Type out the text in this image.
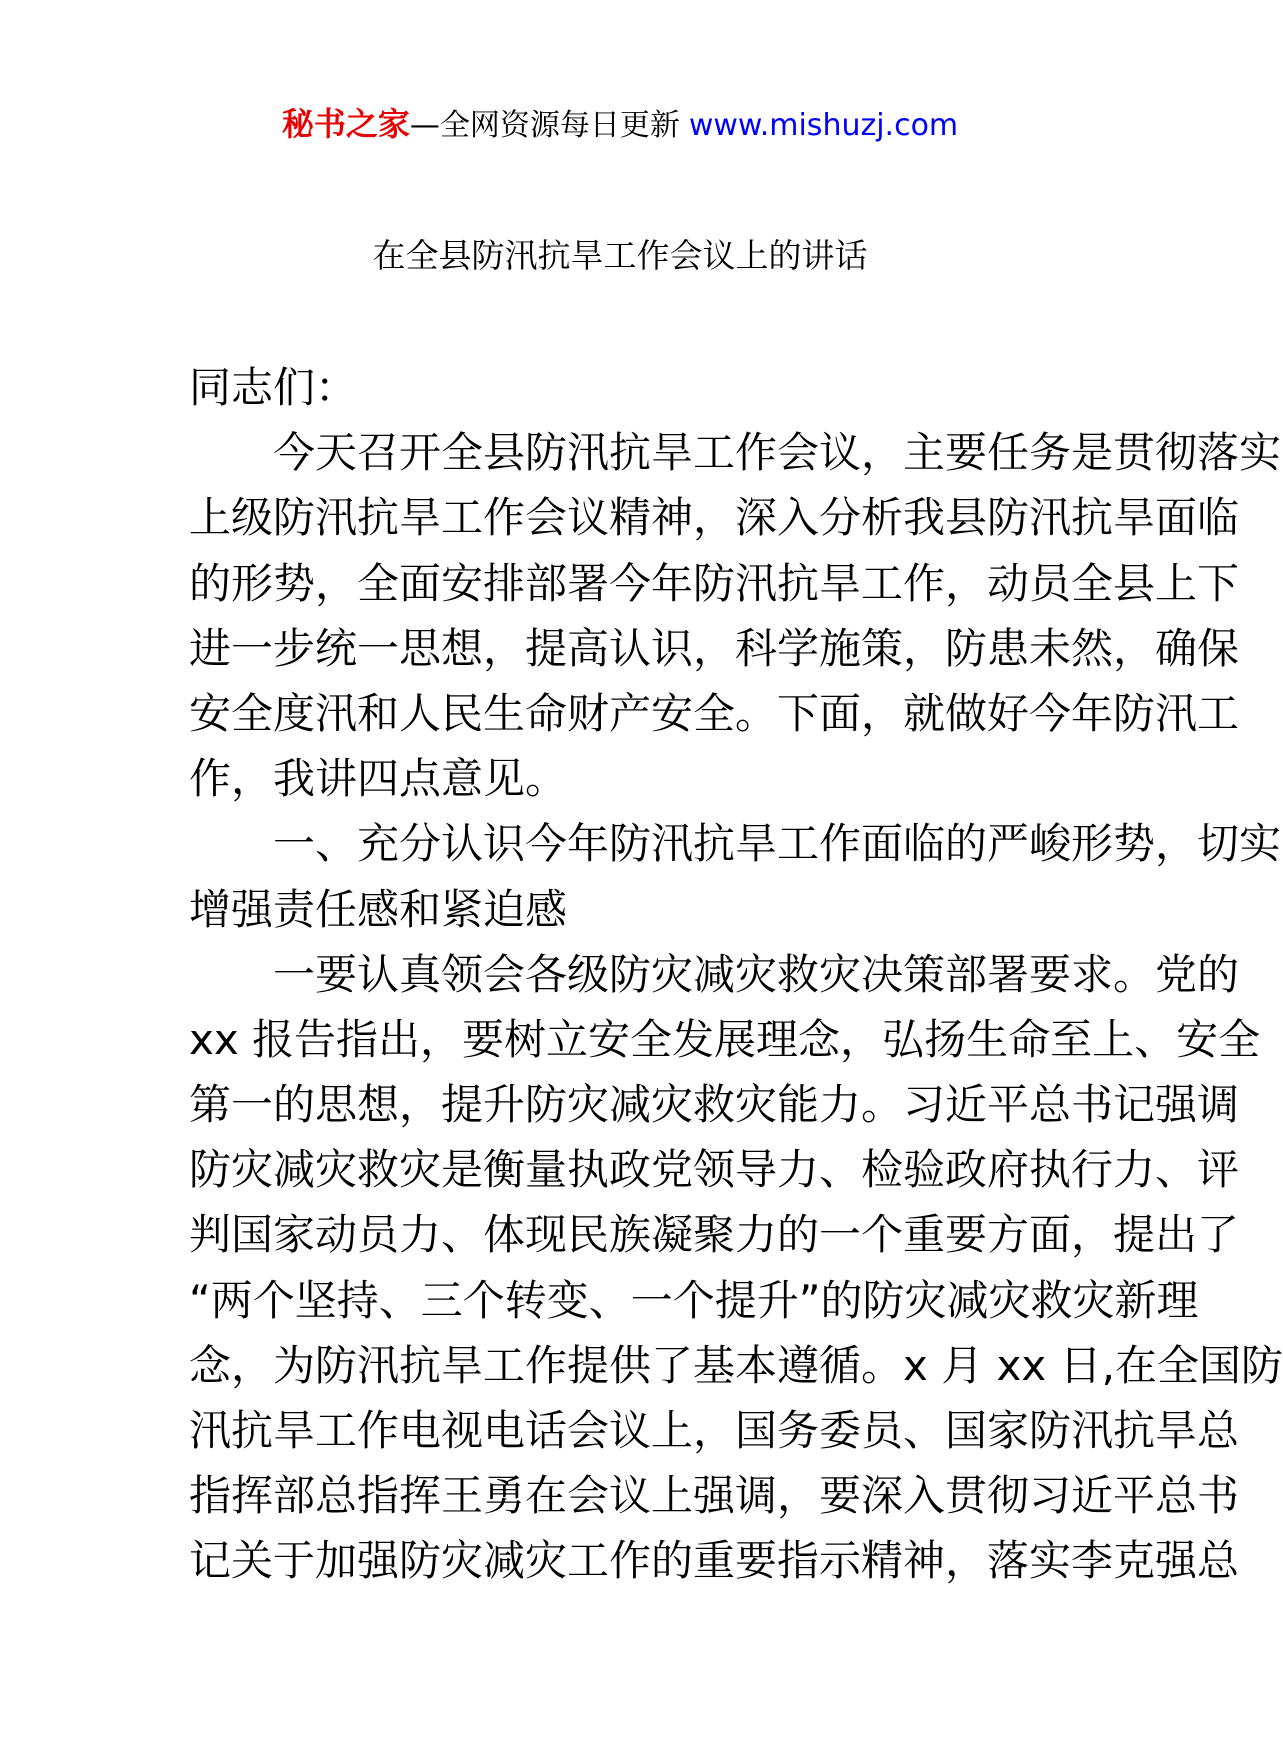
秘书之家—全网资源每日更新 www.mishuzj.com
在全县防汛抗旱工作会议上的讲话
同志们：
今天召开全县防汛抗旱工作会议，主要任务是贯彻落实
上级防汛抗旱工作会议精神，深入分析我县防汛抗旱面临
的形势，全面安排部署今年防汛抗旱工作，动员全县上下
进一步统一思想，提高认识，科学施策，防患未然，确保
安全度汛和人民生命财产安全。下面，就做好今年防汛工
作，我讲四点意见。
一、充分认识今年防汛抗旱工作面临的严峻形势，切实
增强责任感和紧迫感
一要认真领会各级防灾减灾救灾决策部署要求。党的
xx 报告指出，要树立安全发展理念，弘扬生命至上、安全
第一的思想，提升防灾减灾救灾能力。习近平总书记强调
防灾减灾救灾是衡量执政党领导力、检验政府执行力、评
判国家动员力、体现民族凝聚力的一个重要方面，提出了
“两个坚持、三个转变、一个提升”的防灾减灾救灾新理
念，为防汛抗旱工作提供了基本遵循。x 月 xx 日,在全国防
汛抗旱工作电视电话会议上，国务委员、国家防汛抗旱总
指挥部总指挥王勇在会议上强调，要深入贯彻习近平总书
记关于加强防灾减灾工作的重要指示精神，落实李克强总
